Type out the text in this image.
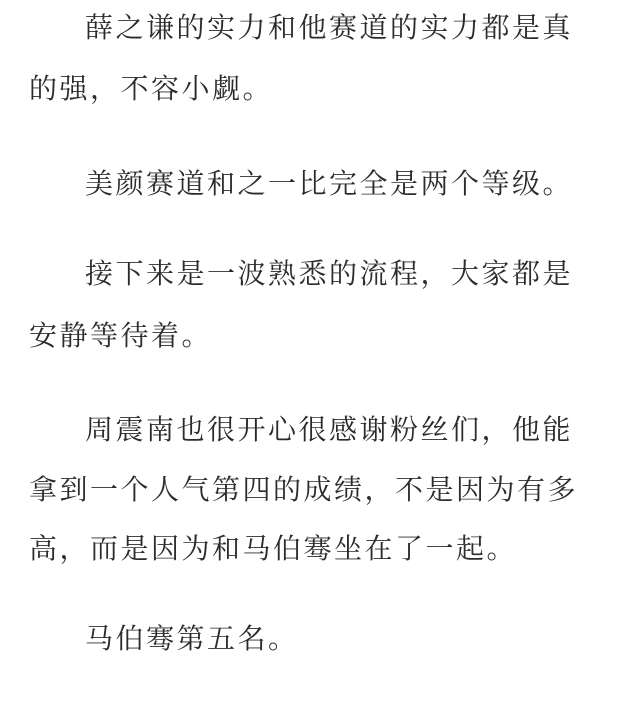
薛之谦的实力和他赛道的实力都是真
的强，不容小觑。
美颜赛道和之一比完全是两个等级。
接下来是一波熟悉的流程，大家都是
安静等待着。
周震南也很开心很感谢粉丝们，他能
拿到一个人气第四的成绩，不是因为有多
高，而是因为和马伯骞坐在了一起。
马伯骞第五名。
